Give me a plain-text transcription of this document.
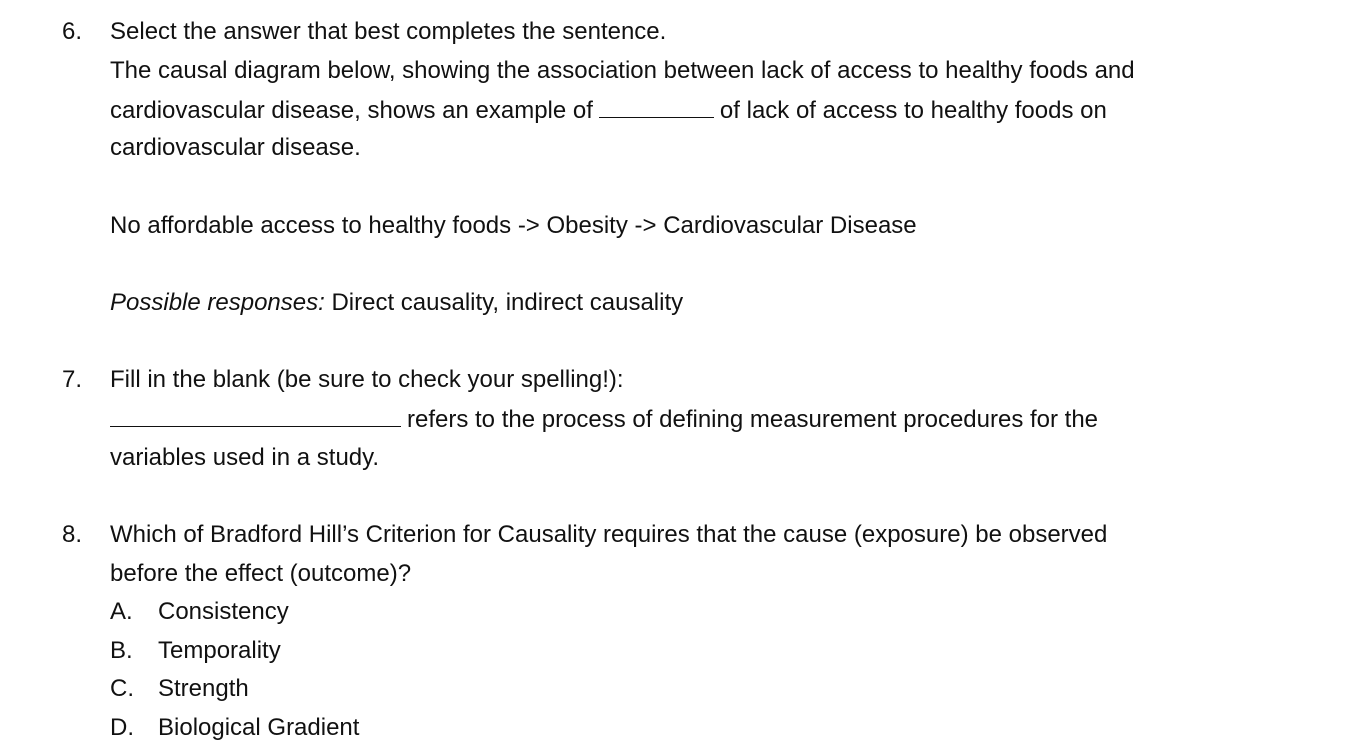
6. Select the answer that best completes the sentence.
The causal diagram below, showing the association between lack of access to healthy foods and
cardiovascular disease, shows an example of	of lack of access to healthy foods on
cardiovascular disease.
No affordable access to healthy foods -> Obesity -> Cardiovascular Disease
Possible responses: Direct causality, indirect causality
7. Fill in the blank (be sure to check your spelling!):
refers to the process of defining measurement procedures for the
variables used in a study.
8. Which of Bradford Hill’s Criterion for Causality requires that the cause (exposure) be observed
before the effect (outcome)?
A. Consistency
B. Temporality
C. Strength
D. Biological Gradient
